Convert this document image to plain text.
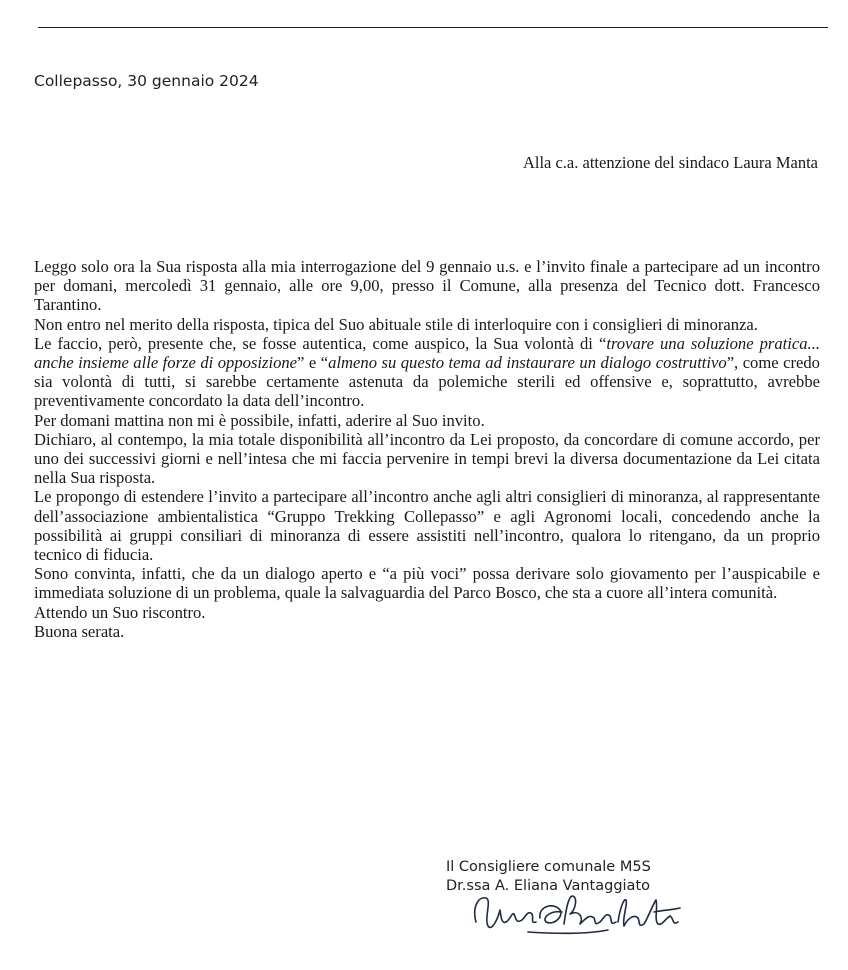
Collepasso, 30 gennaio 2024
Alla c.a. attenzione del sindaco Laura Manta

Leggo solo ora la Sua risposta alla mia interrogazione del 9 gennaio u.s. e l’invito finale a partecipare ad un incontro per domani, mercoledì 31 gennaio, alle ore 9,00, presso il Comune, alla presenza del Tecnico dott. Francesco Tarantino.

Non entro nel merito della risposta, tipica del Suo abituale stile di interloquire con i consiglieri di minoranza.

Le faccio, però, presente che, se fosse autentica, come auspico, la Sua volontà di “trovare una soluzione pratica... anche insieme alle forze di opposizione” e “almeno su questo tema ad instaurare un dialogo costruttivo”, come credo sia volontà di tutti, si sarebbe certamente astenuta da polemiche sterili ed offensive e, soprattutto, avrebbe preventivamente concordato la data dell’incontro.

Per domani mattina non mi è possibile, infatti, aderire al Suo invito.

Dichiaro, al contempo, la mia totale disponibilità all’incontro da Lei proposto, da concordare di comune accordo, per uno dei successivi giorni e nell’intesa che mi faccia pervenire in tempi brevi la diversa documentazione da Lei citata nella Sua risposta.

Le propongo di estendere l’invito a partecipare all’incontro anche agli altri consiglieri di minoranza, al rappresentante dell’associazione ambientalistica “Gruppo Trekking Collepasso” e agli Agronomi locali, concedendo anche la possibilità ai gruppi consiliari di minoranza di essere assistiti nell’incontro, qualora lo ritengano, da un proprio tecnico di fiducia.

Sono convinta, infatti, che da un dialogo aperto e “a più voci” possa derivare solo giovamento per l’auspicabile e immediata soluzione di un problema, quale la salvaguardia del Parco Bosco, che sta a cuore all’intera comunità.

Attendo un Suo riscontro.

Buona serata.

Il Consigliere comunale M5S
Dr.ssa A. Eliana Vantaggiato
